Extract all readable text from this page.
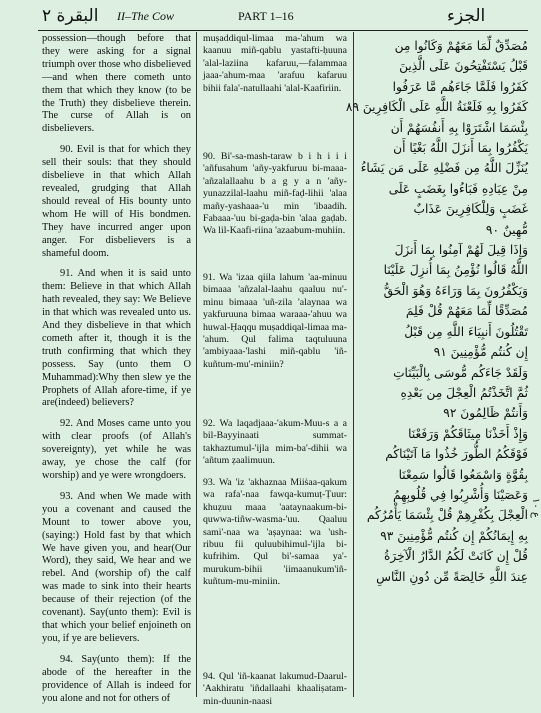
البقرة ٢ II–The Cow	PART 1–16	الجزء

possession—though before that they were asking for a signal triumph over those who disbelieved—and when there cometh unto them that which they know (to be the Truth) they disbelieve therein. The curse of Allah is on disbelievers.

90. Evil is that for which they sell their souls: that they should disbelieve in that which Allah revealed, grudging that Allah should reveal of His bounty unto whom He will of His bondmen. They have incurred anger upon anger. For disbelievers is a shameful doom.

91. And when it is said unto them: Believe in that which Allah hath revealed, they say: We Believe in that which was revealed unto us. And they disbelieve in that which cometh after it, though it is the truth confirming that which they possess. Say (unto them O Muhammad):Why then slew ye the Prophets of Allah afore-time, if ye are(indeed) believers?

92. And Moses came unto you with clear proofs (of Allah's sovereignty), yet while he was away, ye chose the calf (for worship) and ye were wrongdoers.

93. And when We made with you a covenant and caused the Mount to tower above you, (saying:) Hold fast by that which We have given you, and hear(Our Word), they said, We hear and we rebel. And (worship of) the calf was made to sink into their hearts because of their rejection (of the covenant). Say(unto them): Evil is that which your belief enjoineth on you, if ye are believers.

94. Say(unto them): If the abode of the hereafter in the providence of Allah is indeed for you alone and not for others of

muṣaddiqul-limaa ma-'ahum wa kaanuu miñ-qablu yastafti-ḥuuna 'alal-laziina kafaruu,—falammaa jaaa-'ahum-maa 'arafuu kafaruu bihii fala'-natullaahi 'alal-Kaafiriin.

90. Bi'-sa-mash-taraw b i h i i i 'añfusahum 'añy-yakfuruu bi-maaa-'añzalallaahu b a g y a n 'añy-yunazzilal-laahu miñ-faḍ-lihii 'alaa mañy-yashaaa-'u min 'ibaadih. Fabaaa-'uu bi-gaḍa-bin 'alaa gaḍab. Wa lil-Kaafi-riina 'azaabum-muhiin.

91. Wa 'izaa qiila lahum 'aa-minuu bimaaa 'añzalal-laahu qaaluu nu'-minu bimaaa 'uñ-zila 'alaynaa wa yakfuruuna bimaa waraaa-'ahuu wa huwal-Ḥaqqu muṣaddiqal-limaa ma-'ahum. Qul falima taqtuluuna 'ambiyaaa-'lashi miñ-qablu 'iñ-kuñtum-mu'-miniin?

92. Wa laqadjaaa-'akum-Muu-s a a bil-Bayyinaati summat-takhaztumul-'ijla mim-ba'-dihii wa 'añtum ẓaalimuun.

93. Wa 'iz 'akhaznaa Miiṡaa-qakum wa rafa'-naa fawqa-kumuṭ-Ṭuur: khuẓuu maaa 'aataynaakum-bi-quwwa-tiñw-wasma-'uu. Qaaluu sami'-naa wa 'aṣaynaa: wa 'ush-ribuu fii quluubihimul-'ijla bi-kufrihim. Qul bi'-samaa ya'-murukum-bihii 'iimaanukum'iñ-kuñtum-mu-miniin.

94. Qul 'iñ-kaanat lakumud-Daarul-'Aakhiratu 'iñdallaahi khaaliṣatam-min-duunin-naasi

مُصَدِّقٌ لِّمَا مَعَهُمْ وَكَانُوا مِن
قَبْلُ يَسْتَفْتِحُونَ عَلَى الَّذِينَ
كَفَرُوا فَلَمَّا جَاءَهُم مَّا عَرَفُوا
كَفَرُوا بِهِ فَلَعْنَةُ اللَّهِ عَلَى الْكَافِرِينَ ٨٩
بِئْسَمَا اشْتَرَوْا بِهِ أَنفُسَهُمْ أَن
يَكْفُرُوا بِمَا أَنزَلَ اللَّهُ بَغْيًا أَن
يُنَزِّلَ اللَّهُ مِن فَضْلِهِ عَلَى مَن يَشَاءُ
مِنْ عِبَادِهِ فَبَاءُوا بِغَضَبٍ عَلَى
غَضَبٍ وَلِلْكَافِرِينَ عَذَابٌ
مُّهِينٌ ٩٠
وَإِذَا قِيلَ لَهُمْ آمِنُوا بِمَا أَنزَلَ
اللَّهُ قَالُوا نُؤْمِنُ بِمَا أُنزِلَ عَلَيْنَا
وَيَكْفُرُونَ بِمَا وَرَاءَهُ وَهُوَ الْحَقُّ
مُصَدِّقًا لِّمَا مَعَهُمْ قُلْ فَلِمَ
تَقْتُلُونَ أَنبِيَاءَ اللَّهِ مِن قَبْلُ
إِن كُنتُم مُّؤْمِنِينَ ٩١
وَلَقَدْ جَاءَكُم مُّوسَى بِالْبَيِّنَاتِ
ثُمَّ اتَّخَذْتُمُ الْعِجْلَ مِن بَعْدِهِ
وَأَنتُمْ ظَالِمُونَ ٩٢
وَإِذْ أَخَذْنَا مِيثَاقَكُمْ وَرَفَعْنَا
فَوْقَكُمُ الطُّورَ خُذُوا مَا آتَيْنَاكُم
بِقُوَّةٍ وَاسْمَعُوا قَالُوا سَمِعْنَا
وَعَصَيْنَا وَأُشْرِبُوا فِي قُلُوبِهِمُ
الْعِجْلَ بِكُفْرِهِمْ قُلْ بِئْسَمَا يَأْمُرُكُم
بِهِ إِيمَانُكُمْ إِن كُنتُم مُّؤْمِنِينَ ٩٣
قُلْ إِن كَانَتْ لَكُمُ الدَّارُ الْآخِرَةُ
عِندَ اللَّهِ خَالِصَةً مِّن دُونِ النَّاسِ
ع ١٠
